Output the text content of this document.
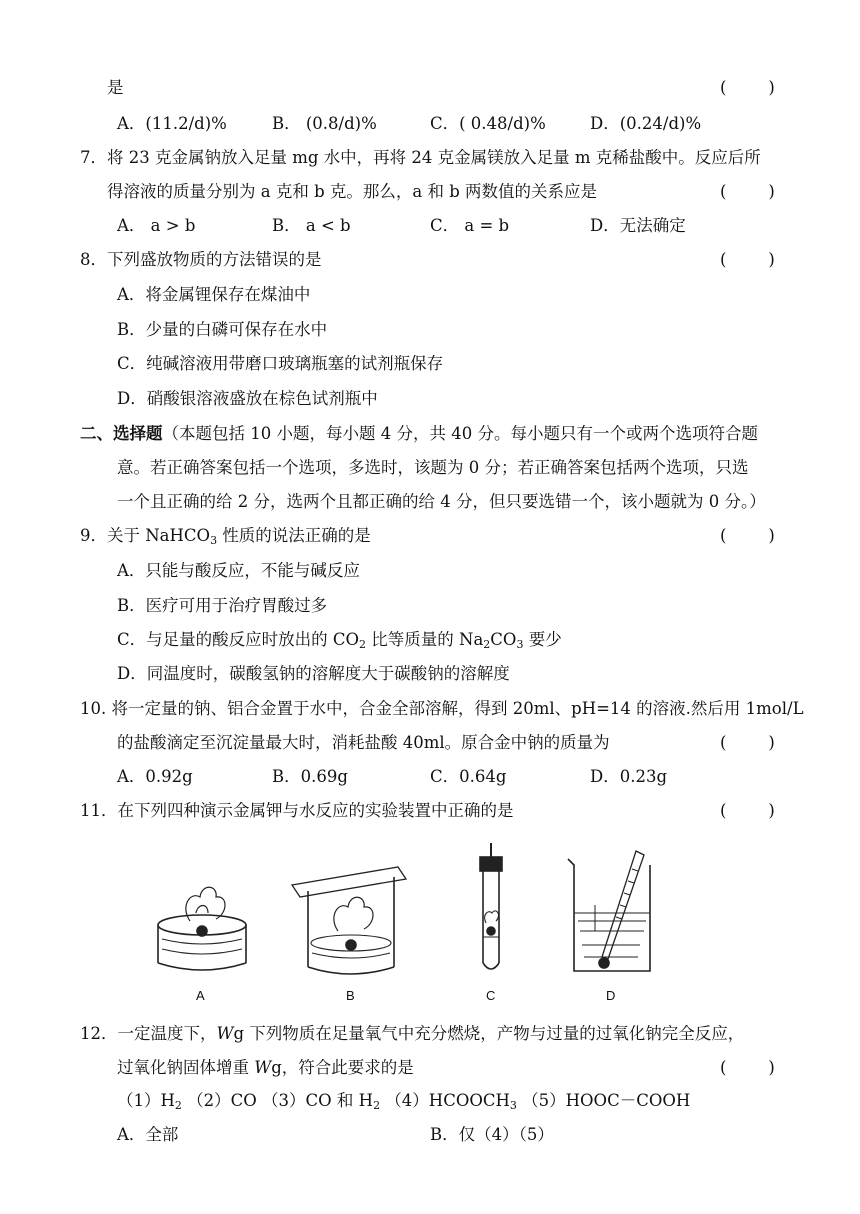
是	(        )
A．(11.2/d)%	B． (0.8/d)%	C．( 0.48/d)%	D．(0.24/d)%
7．将 23 克金属钠放入足量 mg 水中，再将 24 克金属镁放入足量 m 克稀盐酸中。反应后所
得溶液的质量分别为 a 克和 b 克。那么，a 和 b 两数值的关系应是	(        )
A． a > b	B． a < b	C． a = b	D．无法确定
8．下列盛放物质的方法错误的是	(        )
A．将金属锂保存在煤油中
B．少量的白磷可保存在水中
C．纯碱溶液用带磨口玻璃瓶塞的试剂瓶保存
D．硝酸银溶液盛放在棕色试剂瓶中
二、选择题（本题包括 10 小题，每小题 4 分，共 40 分。每小题只有一个或两个选项符合题
意。若正确答案包括一个选项，多选时，该题为 0 分；若正确答案包括两个选项，只选
一个且正确的给 2 分，选两个且都正确的给 4 分，但只要选错一个，该小题就为 0 分。）
9．关于 NaHCO$_3$ 性质的说法正确的是	(        )
A．只能与酸反应，不能与碱反应
B．医疗可用于治疗胃酸过多
C．与足量的酸反应时放出的 $CO_2$ 比等质量的 $Na_2CO_3$ 要少
D．同温度时，碳酸氢钠的溶解度大于碳酸钠的溶解度
10. 将一定量的钠、铝合金置于水中，合金全部溶解，得到 20ml、pH=14 的溶液.然后用 1mol/L
的盐酸滴定至沉淀量最大时，消耗盐酸 40ml。原合金中钠的质量为	(        )
A．0.92g	B．0.69g	C．0.64g	D．0.23g
11．在下列四种演示金属钾与水反应的实验装置中正确的是	(        )
A	B	C	D
12．一定温度下，Wg 下列物质在足量氧气中充分燃烧，产物与过量的过氧化钠完全反应，
过氧化钠固体增重 Wg，符合此要求的是	(        )
$(1)H_2$ （2）CO （3）CO 和 $H_2$ $(4)HCOOCH_3$ （5）HOOC－COOH
A．全部	B．仅（4）（5）
